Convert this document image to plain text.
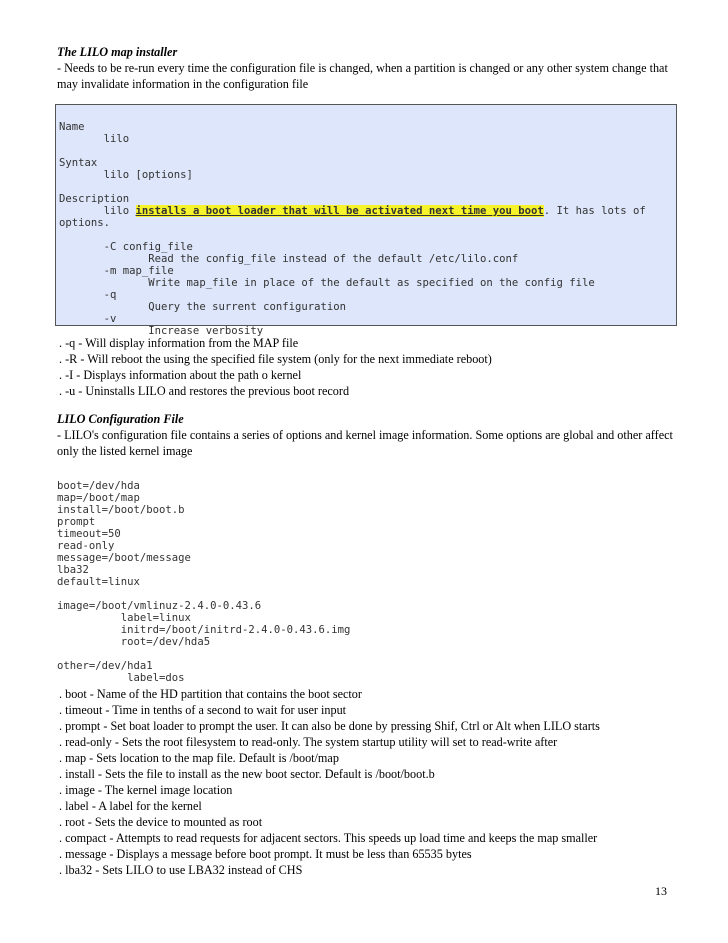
The LILO map installer
- Needs to be re-run every time the configuration file is changed, when a partition is changed or any other system change that may invalidate information in the configuration file

Name
lilo

Syntax
lilo [options]

Description
lilo installs a boot loader that will be activated next time you boot. It has lots of
options.

-C config_file
Read the config_file instead of the default /etc/lilo.conf
-m map_file
Write map_file in place of the default as specified on the config file
-q
Query the surrent configuration
-v
Increase verbosity

. -q - Will display information from the MAP file
. -R - Will reboot the using the specified file system (only for the next immediate reboot)
. -I - Displays information about the path o kernel
. -u - Uninstalls LILO and restores the previous boot record
LILO Configuration File
- LILO's configuration file contains a series of options and kernel image information. Some options are global and other affect only the listed kernel image

boot=/dev/hda
map=/boot/map
install=/boot/boot.b
prompt
timeout=50
read-only
message=/boot/message
lba32
default=linux

image=/boot/vmlinuz-2.4.0-0.43.6
label=linux
initrd=/boot/initrd-2.4.0-0.43.6.img
root=/dev/hda5

other=/dev/hda1
label=dos

. boot - Name of the HD partition that contains the boot sector
. timeout - Time in tenths of a second to wait for user input
. prompt - Set boat loader to prompt the user. It can also be done by pressing Shif, Ctrl or Alt when LILO starts
. read-only - Sets the root filesystem to read-only. The system startup utility will set to read-write after
. map - Sets location to the map file. Default is /boot/map
. install - Sets the file to install as the new boot sector. Default is /boot/boot.b
. image - The kernel image location
. label - A label for the kernel
. root - Sets the device to mounted as root
. compact - Attempts to read requests for adjacent sectors. This speeds up load time and keeps the map smaller
. message - Displays a message before boot prompt. It must be less than 65535 bytes
. lba32 - Sets LILO to use LBA32 instead of CHS
13
